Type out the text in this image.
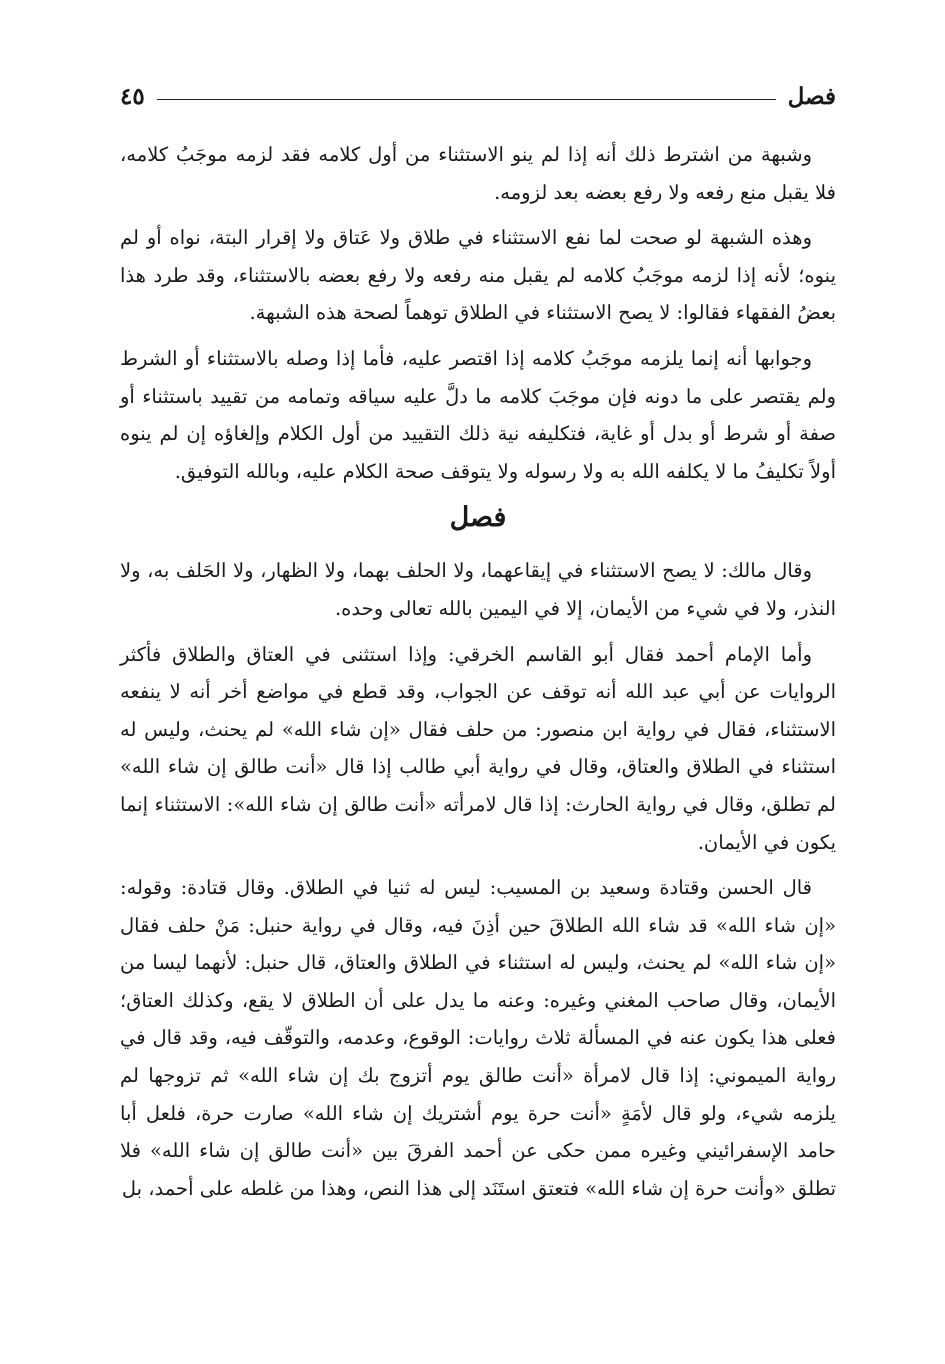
فصل
٤٥

وشبهة من اشترط ذلك أنه إذا لم ينو الاستثناء من أول كلامه فقد لزمه موجَبُ كلامه، فلا يقبل منع رفعه ولا رفع بعضه بعد لزومه.

وهذه الشبهة لو صحت لما نفع الاستثناء في طلاق ولا عَتاق ولا إقرار البتة، نواه أو لم ينوه؛ لأنه إذا لزمه موجَبُ كلامه لم يقبل منه رفعه ولا رفع بعضه بالاستثناء، وقد طرد هذا بعضُ الفقهاء فقالوا: لا يصح الاستثناء في الطلاق توهماً لصحة هذه الشبهة.

وجوابها أنه إنما يلزمه موجَبُ كلامه إذا اقتصر عليه، فأما إذا وصله بالاستثناء أو الشرط ولم يقتصر على ما دونه فإن موجَبَ كلامه ما دلَّ عليه سياقه وتمامه من تقييد باستثناء أو صفة أو شرط أو بدل أو غاية، فتكليفه نية ذلك التقييد من أول الكلام وإلغاؤه إن لم ينوه أولاً تكليفُ ما لا يكلفه الله به ولا رسوله ولا يتوقف صحة الكلام عليه، وبالله التوفيق.

فصل

وقال مالك: لا يصح الاستثناء في إيقاعهما، ولا الحلف بهما، ولا الظهار، ولا الحَلف به، ولا النذر، ولا في شيء من الأيمان، إلا في اليمين بالله تعالى وحده.

وأما الإمام أحمد فقال أبو القاسم الخرقي: وإذا استثنى في العتاق والطلاق فأكثر الروايات عن أبي عبد الله أنه توقف عن الجواب، وقد قطع في مواضع أخر أنه لا ينفعه الاستثناء، فقال في رواية ابن منصور: من حلف فقال «إن شاء الله» لم يحنث، وليس له استثناء في الطلاق والعتاق، وقال في رواية أبي طالب إذا قال «أنت طالق إن شاء الله» لم تطلق، وقال في رواية الحارث: إذا قال لامرأته «أنت طالق إن شاء الله»: الاستثناء إنما يكون في الأيمان.

قال الحسن وقتادة وسعيد بن المسيب: ليس له ثنيا في الطلاق. وقال قتادة: وقوله: «إن شاء الله» قد شاء الله الطلاقَ حين أذِنَ فيه، وقال في رواية حنبل: مَنْ حلف فقال «إن شاء الله» لم يحنث، وليس له استثناء في الطلاق والعتاق، قال حنبل: لأنهما ليسا من الأيمان، وقال صاحب المغني وغيره: وعنه ما يدل على أن الطلاق لا يقع، وكذلك العتاق؛ فعلى هذا يكون عنه في المسألة ثلاث روايات: الوقوع، وعدمه، والتوقّف فيه، وقد قال في رواية الميموني: إذا قال لامرأة «أنت طالق يوم أتزوج بك إن شاء الله» ثم تزوجها لم يلزمه شيء، ولو قال لأمَةٍ «أنت حرة يوم أشتريك إن شاء الله» صارت حرة، فلعل أبا حامد الإسفرائيني وغيره ممن حكى عن أحمد الفرقَ بين «أنت طالق إن شاء الله» فلا تطلق «وأنت حرة إن شاء الله» فتعتق استَنَد إلى هذا النص، وهذا من غلطه على أحمد، بل
